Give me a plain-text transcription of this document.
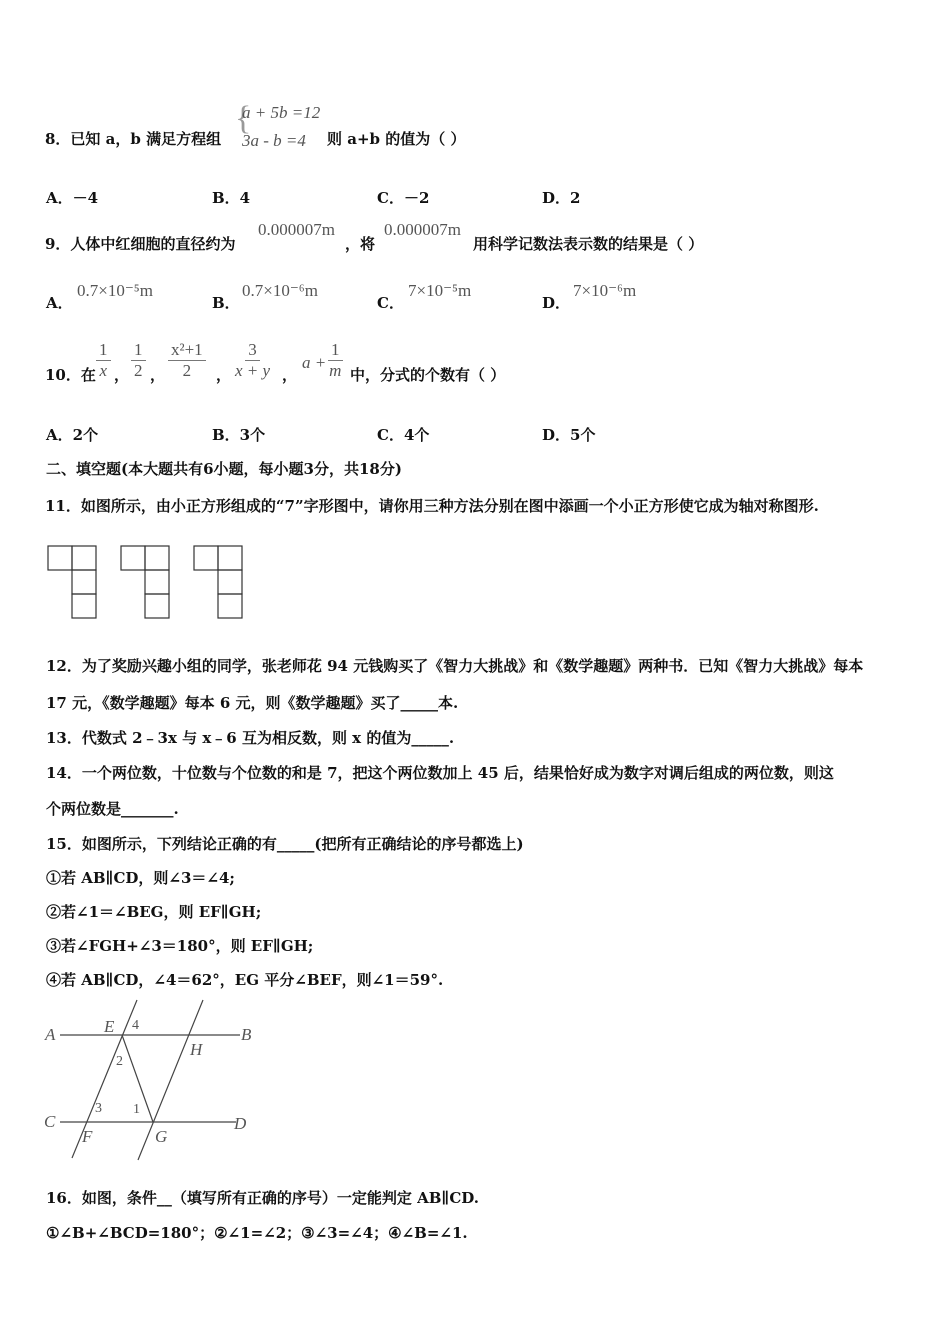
8．已知 a，b 满足方程组
{
a + 5b =12
3a - b =4 则 a+b 的值为（ ）
A．－4	B．4	C．－2	D．2
9．人体中红细胞的直径约为
0.000007m
，将
0.000007m
用科学记数法表示数的结果是（ ）
A．
0.7×10⁻⁵m
B．
0.7×10⁻⁶m
C．
7×10⁻⁵m
D．
7×10⁻⁶m
10．在 $\frac{1}{x}$ ， $\frac{1}{2}$ ， $\frac{\text{x²+1}}{2}$ ， $\frac{3}{x + y}$ ，
$a + \frac{1}{m}$ 中，分式的个数有（ ）
A．2个	B．3个	C．4个	D．5个
二、填空题(本大题共有6小题，每小题3分，共18分)
11．如图所示，由小正方形组成的“7”字形图中，请你用三种方法分别在图中添画一个小正方形使它成为轴对称图形.
12．为了奖励兴趣小组的同学，张老师花 94 元钱购买了《智力大挑战》和《数学趣题》两种书．已知《智力大挑战》每本
17 元，《数学趣题》每本 6 元，则《数学趣题》买了_____本.
13．代数式 2﹣3x 与 x﹣6 互为相反数，则 x 的值为_____.
14．一个两位数，十位数与个位数的和是 7，把这个两位数加上 45 后，结果恰好成为数字对调后组成的两位数，则这
个两位数是_______.
15．如图所示，下列结论正确的有_____(把所有正确结论的序号都选上)
①若 AB∥CD，则∠3＝∠4;
②若∠1＝∠BEG，则 EF∥GH;
③若∠FGH+∠3＝180°，则 EF∥GH;
④若 AB∥CD，∠4＝62°，EG 平分∠BEF，则∠1＝59°.
A	E 4	B
H
2
3 1
C
F	G
D
16．如图，条件__（填写所有正确的序号）一定能判定 AB∥CD.
①∠B+∠BCD=180°；②∠1=∠2；③∠3=∠4；④∠B=∠1.
